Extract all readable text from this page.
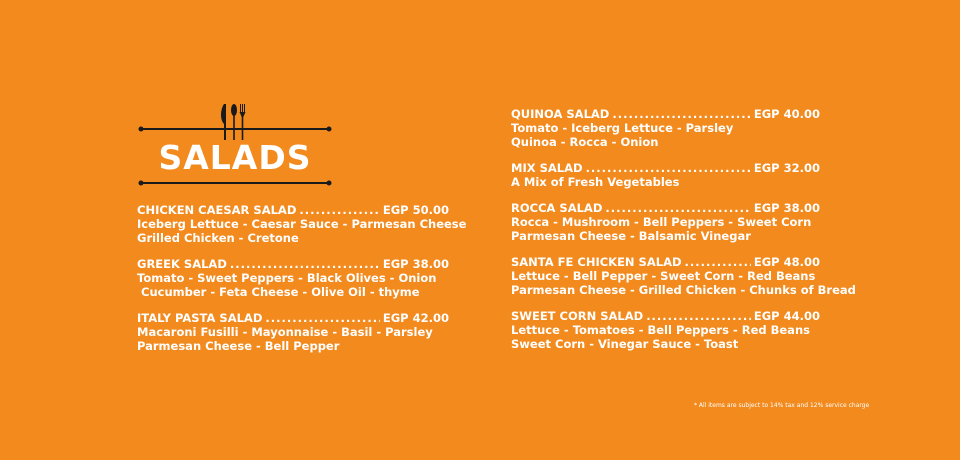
SALADS
CHICKEN CAESAR SALAD .....	EGP 50.00
Iceberg Lettuce - Caesar Sauce - Parmesan Cheese
Grilled Chicken - Cretone
GREEK SALAD .....	EGP 38.00
Tomato - Sweet Peppers - Black Olives - Onion
Cucumber - Feta Cheese - Olive Oil - thyme
ITALY PASTA SALAD .....	EGP 42.00
Macaroni Fusilli - Mayonnaise - Basil - Parsley
Parmesan Cheese - Bell Pepper
QUINOA SALAD .....	EGP 40.00
Tomato - Iceberg Lettuce - Parsley
Quinoa - Rocca - Onion
MIX SALAD .....	EGP 32.00
A Mix of Fresh Vegetables
ROCCA SALAD .....	EGP 38.00
Rocca - Mushroom - Bell Peppers - Sweet Corn
Parmesan Cheese - Balsamic Vinegar
SANTA FE CHICKEN SALAD .....	EGP 48.00
Lettuce - Bell Pepper - Sweet Corn - Red Beans
Parmesan Cheese - Grilled Chicken - Chunks of Bread
SWEET CORN SALAD .....	EGP 44.00
Lettuce - Tomatoes - Bell Peppers - Red Beans
Sweet Corn - Vinegar Sauce - Toast
* All items are subject to 14% tax and 12% service charge
